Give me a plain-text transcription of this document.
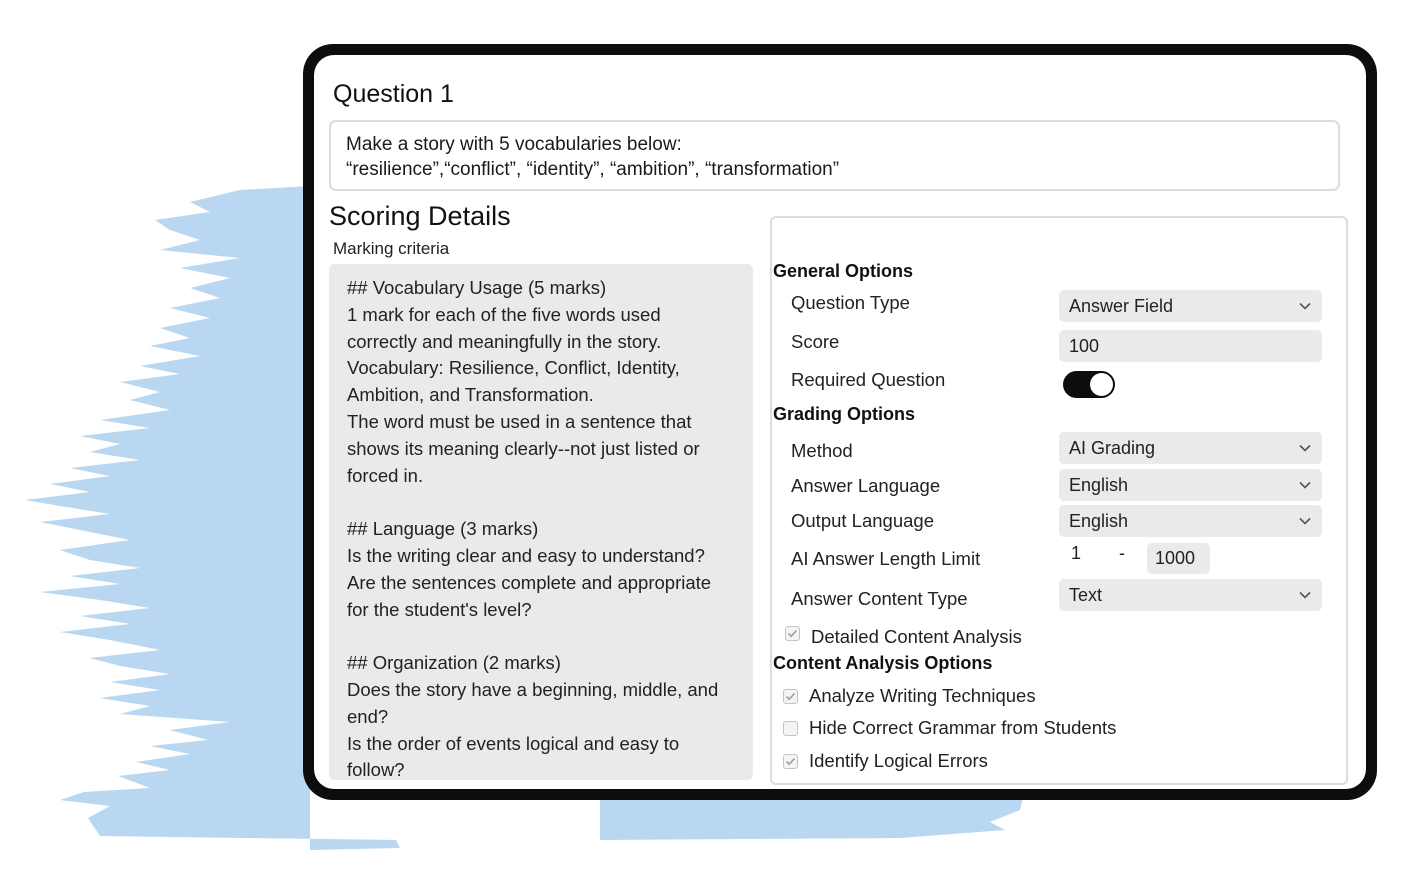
Question 1
Make a story with 5 vocabularies below:
“resilience”,“conflict”, “identity”, “ambition”, “transformation”
Scoring Details
Marking criteria

## Vocabulary Usage (5 marks)

1 mark for each of the five words used

correctly and meaningfully in the story.

Vocabulary: Resilience, Conflict, Identity,

Ambition, and Transformation.

The word must be used in a sentence that

shows its meaning clearly--not just listed or

forced in.

## Language (3 marks)

Is the writing clear and easy to understand?

Are the sentences complete and appropriate

for the student's level?

## Organization (2 marks)

Does the story have a beginning, middle, and

end?

Is the order of events logical and easy to

follow?

General Options
Question Type	Answer Field
Score	100
Required Question
Grading Options
Method	AI Grading
Answer Language	English
Output Language	English
AI Answer Length Limit	1 -	1000
Answer Content Type	Text
Detailed Content Analysis
Content Analysis Options
Analyze Writing Techniques
Hide Correct Grammar from Students
Identify Logical Errors
